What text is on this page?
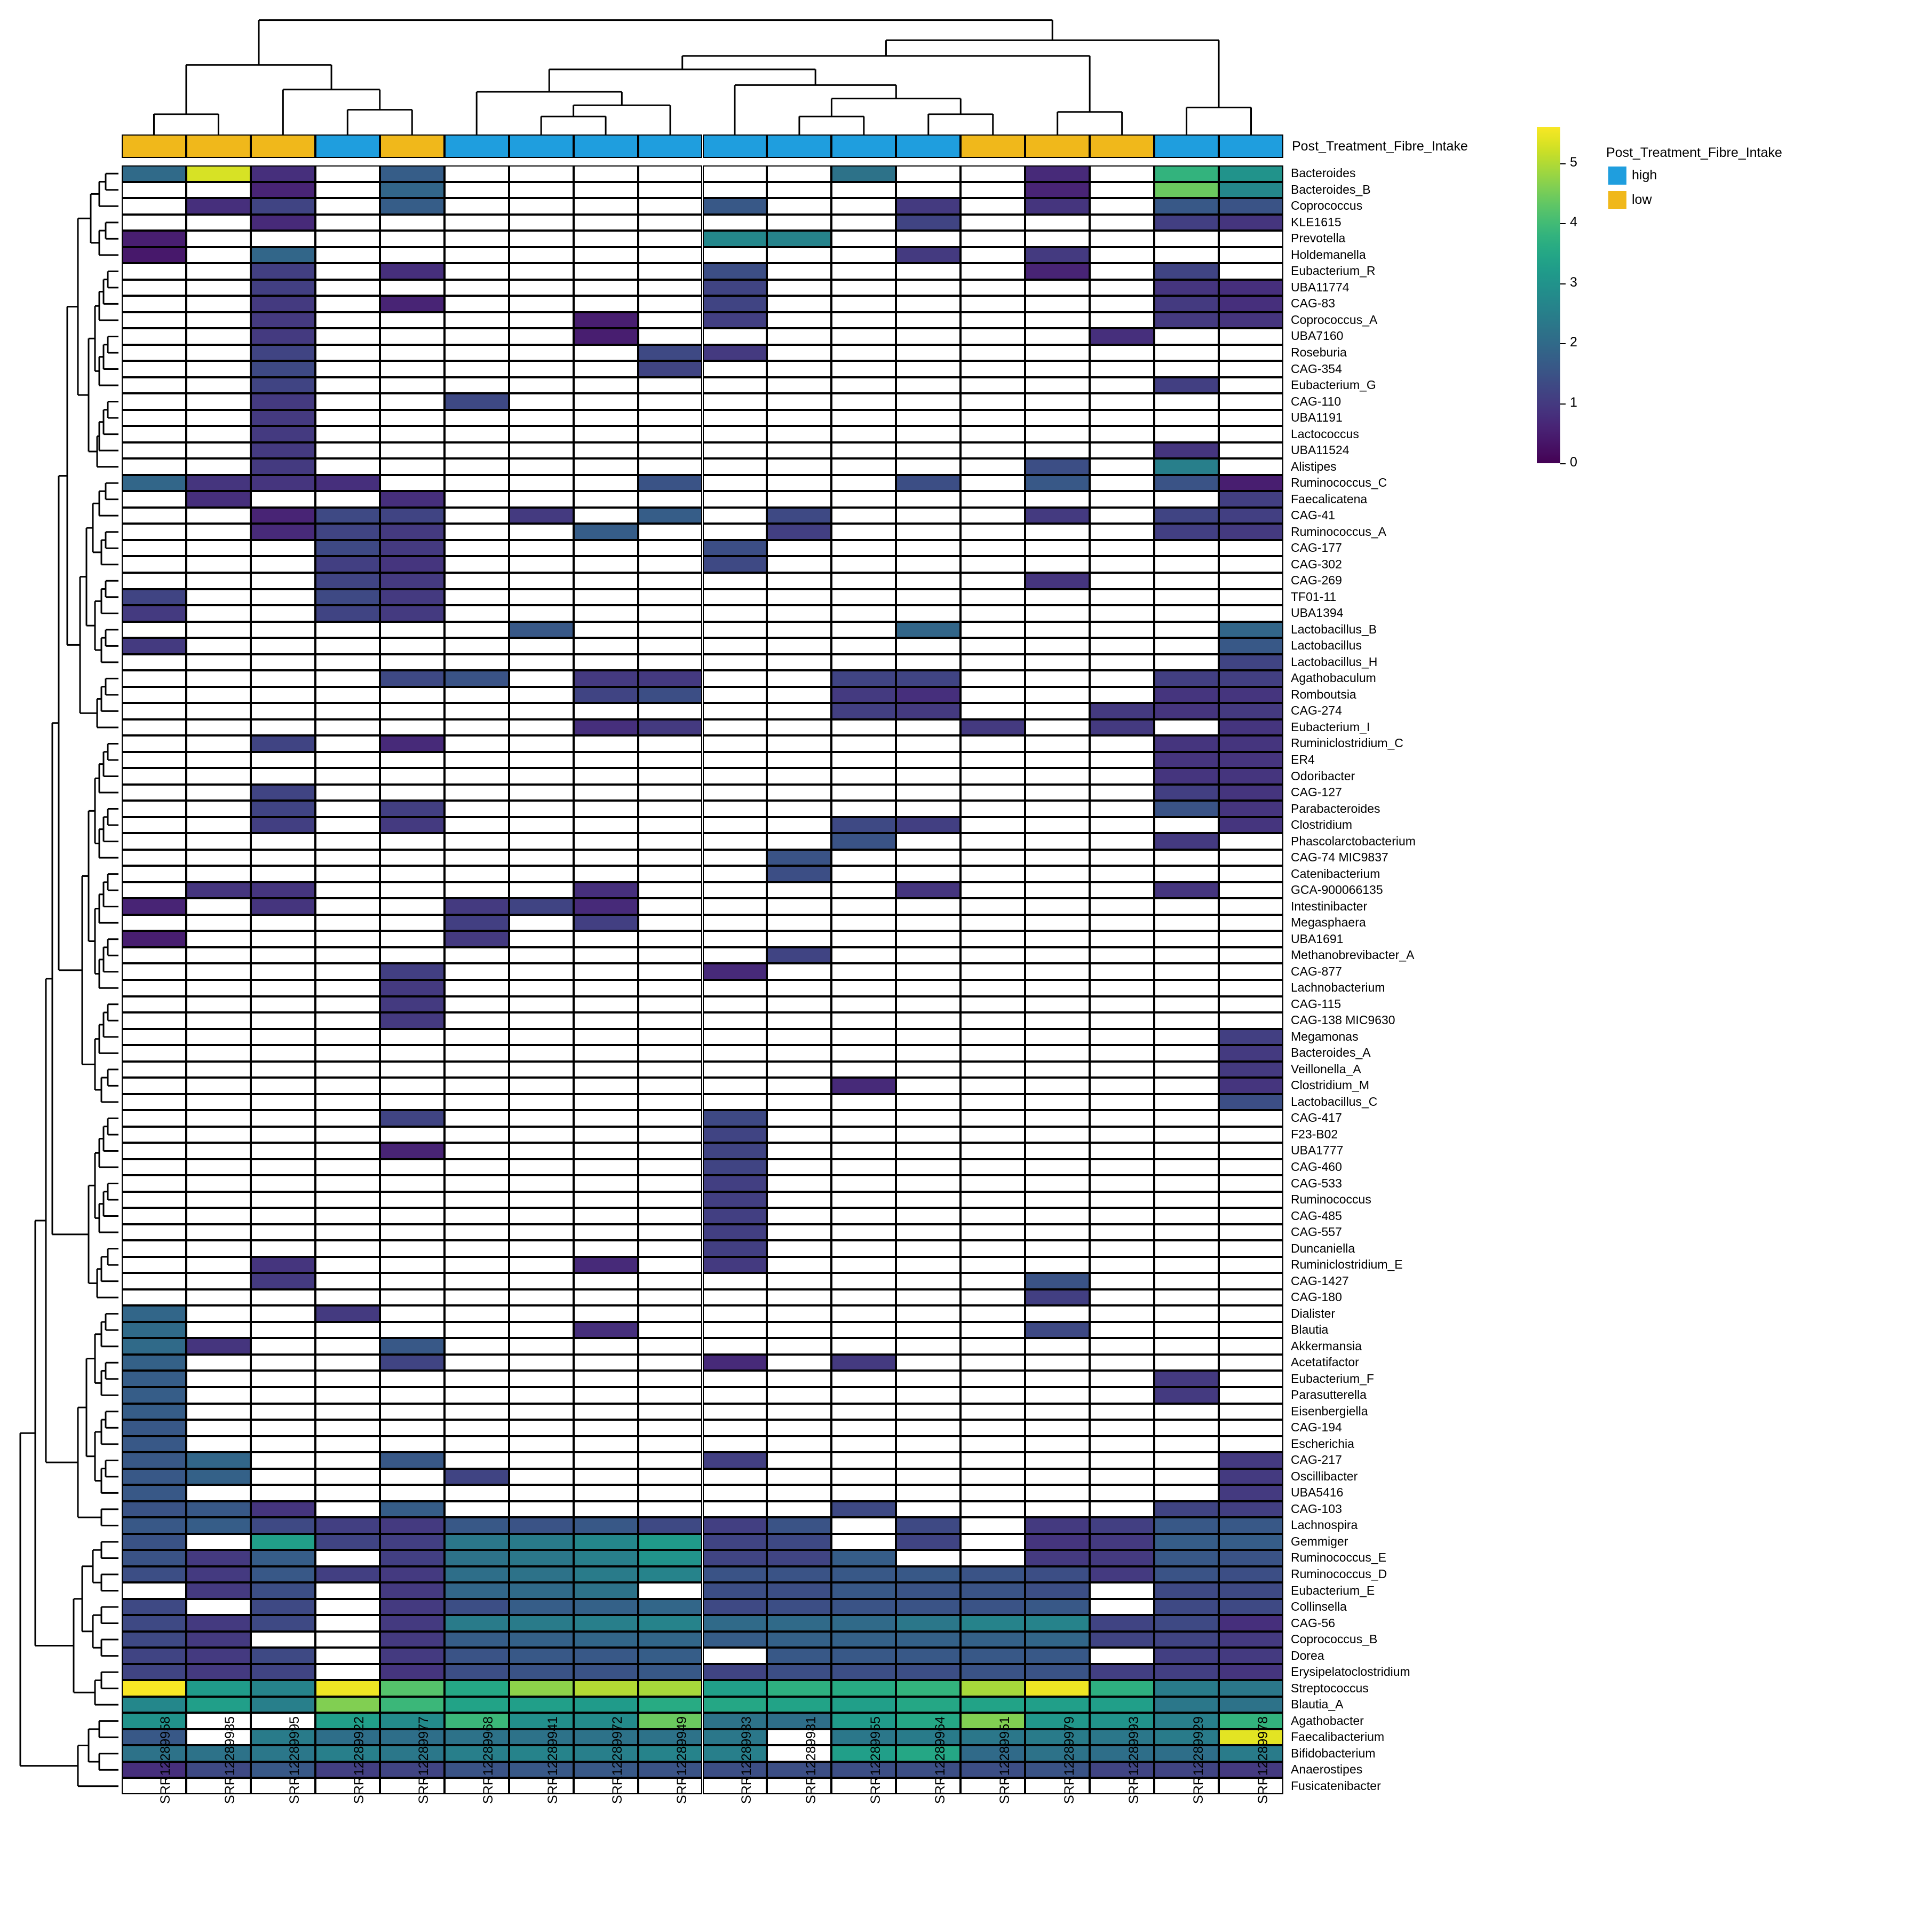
Post_Treatment_Fibre_Intake
Bacteroides
Bacteroides_B
Coprococcus
KLE1615
Prevotella
Holdemanella
Eubacterium_R
UBA11774
CAG-83
Coprococcus_A
UBA7160
Roseburia
CAG-354
Eubacterium_G
CAG-110
UBA1191
Lactococcus
UBA11524
Alistipes
Ruminococcus_C
Faecalicatena
CAG-41
Ruminococcus_A
CAG-177
CAG-302
CAG-269
TF01-11
UBA1394
Lactobacillus_B
Lactobacillus
Lactobacillus_H
Agathobaculum
Romboutsia
CAG-274
Eubacterium_I
Ruminiclostridium_C
ER4
Odoribacter
CAG-127
Parabacteroides
Clostridium
Phascolarctobacterium
CAG-74 MIC9837
Catenibacterium
GCA-900066135
Intestinibacter
Megasphaera
UBA1691
Methanobrevibacter_A
CAG-877
Lachnobacterium
CAG-115
CAG-138 MIC9630
Megamonas
Bacteroides_A
Veillonella_A
Clostridium_M
Lactobacillus_C
CAG-417
F23-B02
UBA1777
CAG-460
CAG-533
Ruminococcus
CAG-485
CAG-557
Duncaniella
Ruminiclostridium_E
CAG-1427
CAG-180
Dialister
Blautia
Akkermansia
Acetatifactor
Eubacterium_F
Parasutterella
Eisenbergiella
CAG-194
Escherichia
CAG-217
Oscillibacter
UBA5416
CAG-103
Lachnospira
Gemmiger
Ruminococcus_E
Ruminococcus_D
Eubacterium_E
Collinsella
CAG-56
Coprococcus_B
Dorea
Erysipelatoclostridium
Streptococcus
Blautia_A
Agathobacter
Faecalibacterium
Bifidobacterium
Anaerostipes
Fusicatenibacter
SRR12289958	SRR12289985	SRR12289995	SRR12289922	SRR12289977	SRR12289968	SRR12289941	SRR12289972	SRR12289949	SRR12289933	SRR12289981	SRR12289955	SRR12289964	SRR12289951	SRR12289979	SRR12289993	SRR12289929	SRR12289978
Post_Treatment_Fibre_Intake
high
low
0
1
2
3
4
5
